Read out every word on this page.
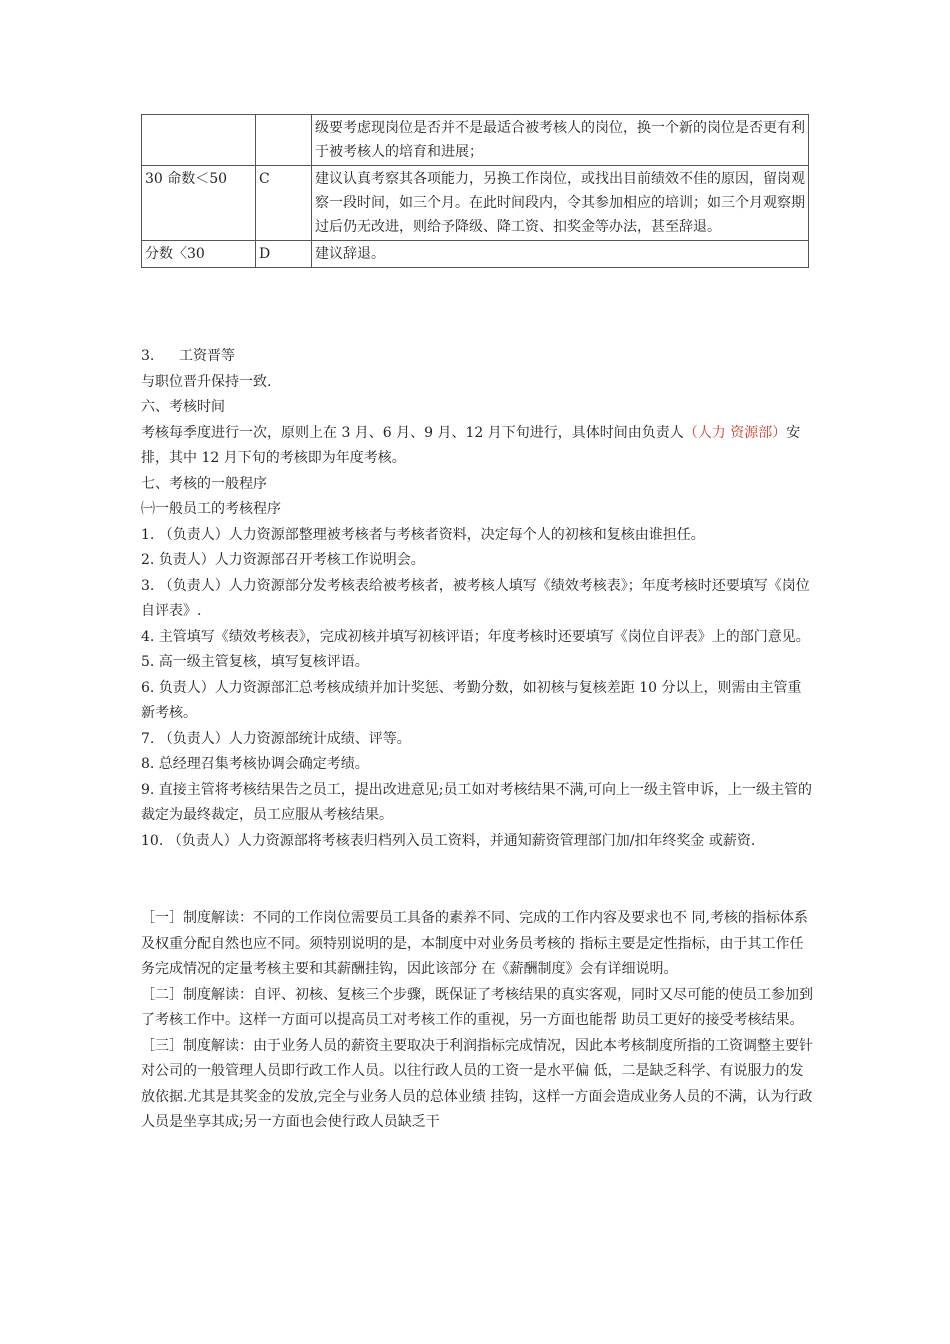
		级要考虑现岗位是否并不是最适合被考核人的岗位，换一个新的岗位是否更有利于被考核人的培育和进展；
30 命数＜50	C	建议认真考察其各项能力，另换工作岗位，或找出目前绩效不佳的原因，留岗观察一段时间，如三个月。在此时间段内，令其参加相应的培训；如三个月观察期过后仍无改进，则给予降级、降工资、扣奖金等办法，甚至辞退。
分数〈30	D	建议辞退。

3. 工资晋等

与职位晋升保持一致.

六、考核时间

考核每季度进行一次，原则上在 3 月、6 月、9 月、12 月下旬进行，具体时间由负责人（人力 资源部）安排，其中 12 月下旬的考核即为年度考核。

七、考核的一般程序

㈠一般员工的考核程序

1. （负责人）人力资源部整理被考核者与考核者资料，决定每个人的初核和复核由谁担任。

2. 负责人）人力资源部召开考核工作说明会。

3. （负责人）人力资源部分发考核表给被考核者，被考核人填写《绩效考核表》；年度考核时还要填写《岗位自评表》.

4. 主管填写《绩效考核表》，完成初核并填写初核评语；年度考核时还要填写《岗位自评表》上的部门意见。

5. 高一级主管复核，填写复核评语。

6. 负责人）人力资源部汇总考核成绩并加计奖惩、考勤分数，如初核与复核差距 10 分以上，则需由主管重新考核。

7. （负责人）人力资源部统计成绩、评等。

8. 总经理召集考核协调会确定考绩。

9. 直接主管将考核结果告之员工，提出改进意见;员工如对考核结果不满,可向上一级主管申诉，上一级主管的裁定为最终裁定，员工应服从考核结果。

10. （负责人）人力资源部将考核表归档列入员工资料，并通知薪资管理部门加/扣年终奖金 或薪资.

［一］制度解读：不同的工作岗位需要员工具备的素养不同、完成的工作内容及要求也不 同,考核的指标体系及权重分配自然也应不同。须特别说明的是，本制度中对业务员考核的 指标主要是定性指标，由于其工作任务完成情况的定量考核主要和其薪酬挂钩，因此该部分 在《薪酬制度》会有详细说明。

［二］制度解读：自评、初核、复核三个步骤，既保证了考核结果的真实客观，同时又尽可能的使员工参加到了考核工作中。这样一方面可以提高员工对考核工作的重视，另一方面也能帮 助员工更好的接受考核结果。

［三］制度解读：由于业务人员的薪资主要取决于利润指标完成情况，因此本考核制度所指的工资调整主要针对公司的一般管理人员即行政工作人员。以往行政人员的工资一是水平偏 低，二是缺乏科学、有说服力的发放依据.尤其是其奖金的发放,完全与业务人员的总体业绩 挂钩，这样一方面会造成业务人员的不满，认为行政人员是坐享其成;另一方面也会使行政人员缺乏干
